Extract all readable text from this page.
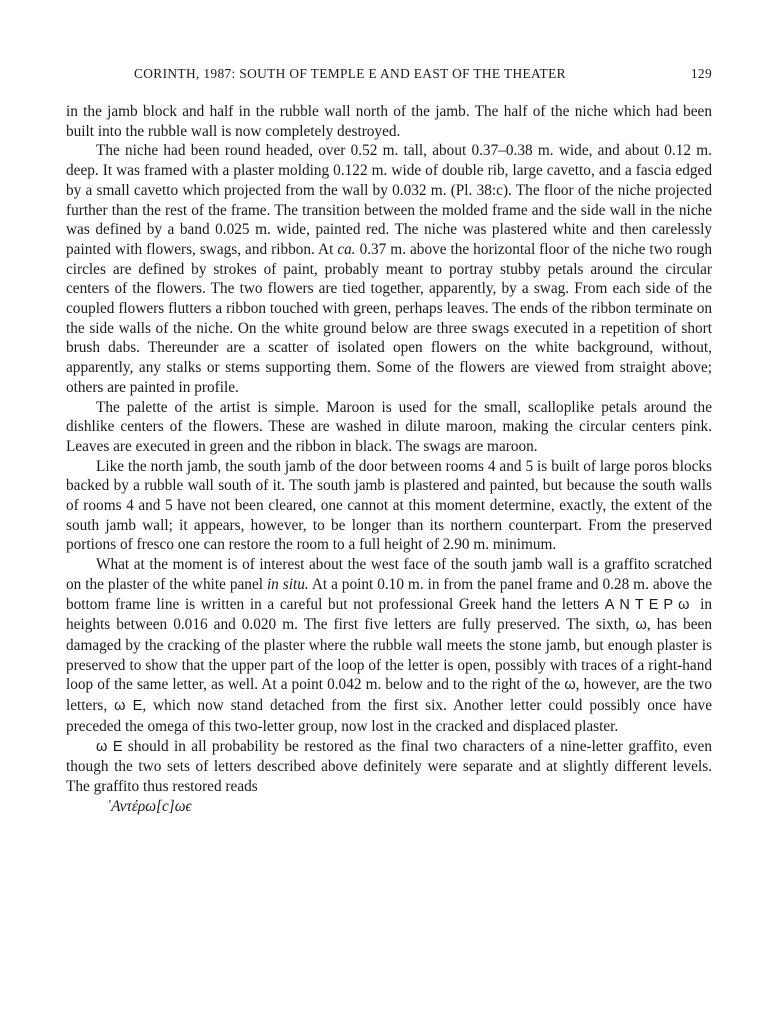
CORINTH, 1987: SOUTH OF TEMPLE E AND EAST OF THE THEATER	129

in the jamb block and half in the rubble wall north of the jamb. The half of the niche which had been built into the rubble wall is now completely destroyed.

The niche had been round headed, over 0.52 m. tall, about 0.37–0.38 m. wide, and about 0.12 m. deep. It was framed with a plaster molding 0.122 m. wide of double rib, large cavetto, and a fascia edged by a small cavetto which projected from the wall by 0.032 m. (Pl. 38:c). The floor of the niche projected further than the rest of the frame. The transition between the molded frame and the side wall in the niche was defined by a band 0.025 m. wide, painted red. The niche was plastered white and then carelessly painted with flowers, swags, and ribbon. At ca. 0.37 m. above the horizontal floor of the niche two rough circles are defined by strokes of paint, probably meant to portray stubby petals around the circular centers of the flowers. The two flowers are tied together, apparently, by a swag. From each side of the coupled flowers flutters a ribbon touched with green, perhaps leaves. The ends of the ribbon terminate on the side walls of the niche. On the white ground below are three swags executed in a repetition of short brush dabs. Thereunder are a scatter of isolated open flowers on the white background, without, apparently, any stalks or stems supporting them. Some of the flowers are viewed from straight above; others are painted in profile.

The palette of the artist is simple. Maroon is used for the small, scalloplike petals around the dishlike centers of the flowers. These are washed in dilute maroon, making the circular centers pink. Leaves are executed in green and the ribbon in black. The swags are maroon.

Like the north jamb, the south jamb of the door between rooms 4 and 5 is built of large poros blocks backed by a rubble wall south of it. The south jamb is plastered and painted, but because the south walls of rooms 4 and 5 have not been cleared, one cannot at this moment determine, exactly, the extent of the south jamb wall; it appears, however, to be longer than its northern counterpart. From the preserved portions of fresco one can restore the room to a full height of 2.90 m. minimum.

What at the moment is of interest about the west face of the south jamb wall is a graffito scratched on the plaster of the white panel in situ. At a point 0.10 m. in from the panel frame and 0.28 m. above the bottom frame line is written in a careful but not professional Greek hand the letters ΑΝΤΕΡω in heights between 0.016 and 0.020 m. The first five letters are fully preserved. The sixth, ω, has been damaged by the cracking of the plaster where the rubble wall meets the stone jamb, but enough plaster is preserved to show that the upper part of the loop of the letter is open, possibly with traces of a right-hand loop of the same letter, as well. At a point 0.042 m. below and to the right of the ω, however, are the two letters, ω Ε, which now stand detached from the first six. Another letter could possibly once have preceded the omega of this two-letter group, now lost in the cracked and displaced plaster.

ω Ε should in all probability be restored as the final two characters of a nine-letter graffito, even though the two sets of letters described above definitely were separate and at slightly different levels. The graffito thus restored reads

᾽Αντέρω[c]ωϵ
